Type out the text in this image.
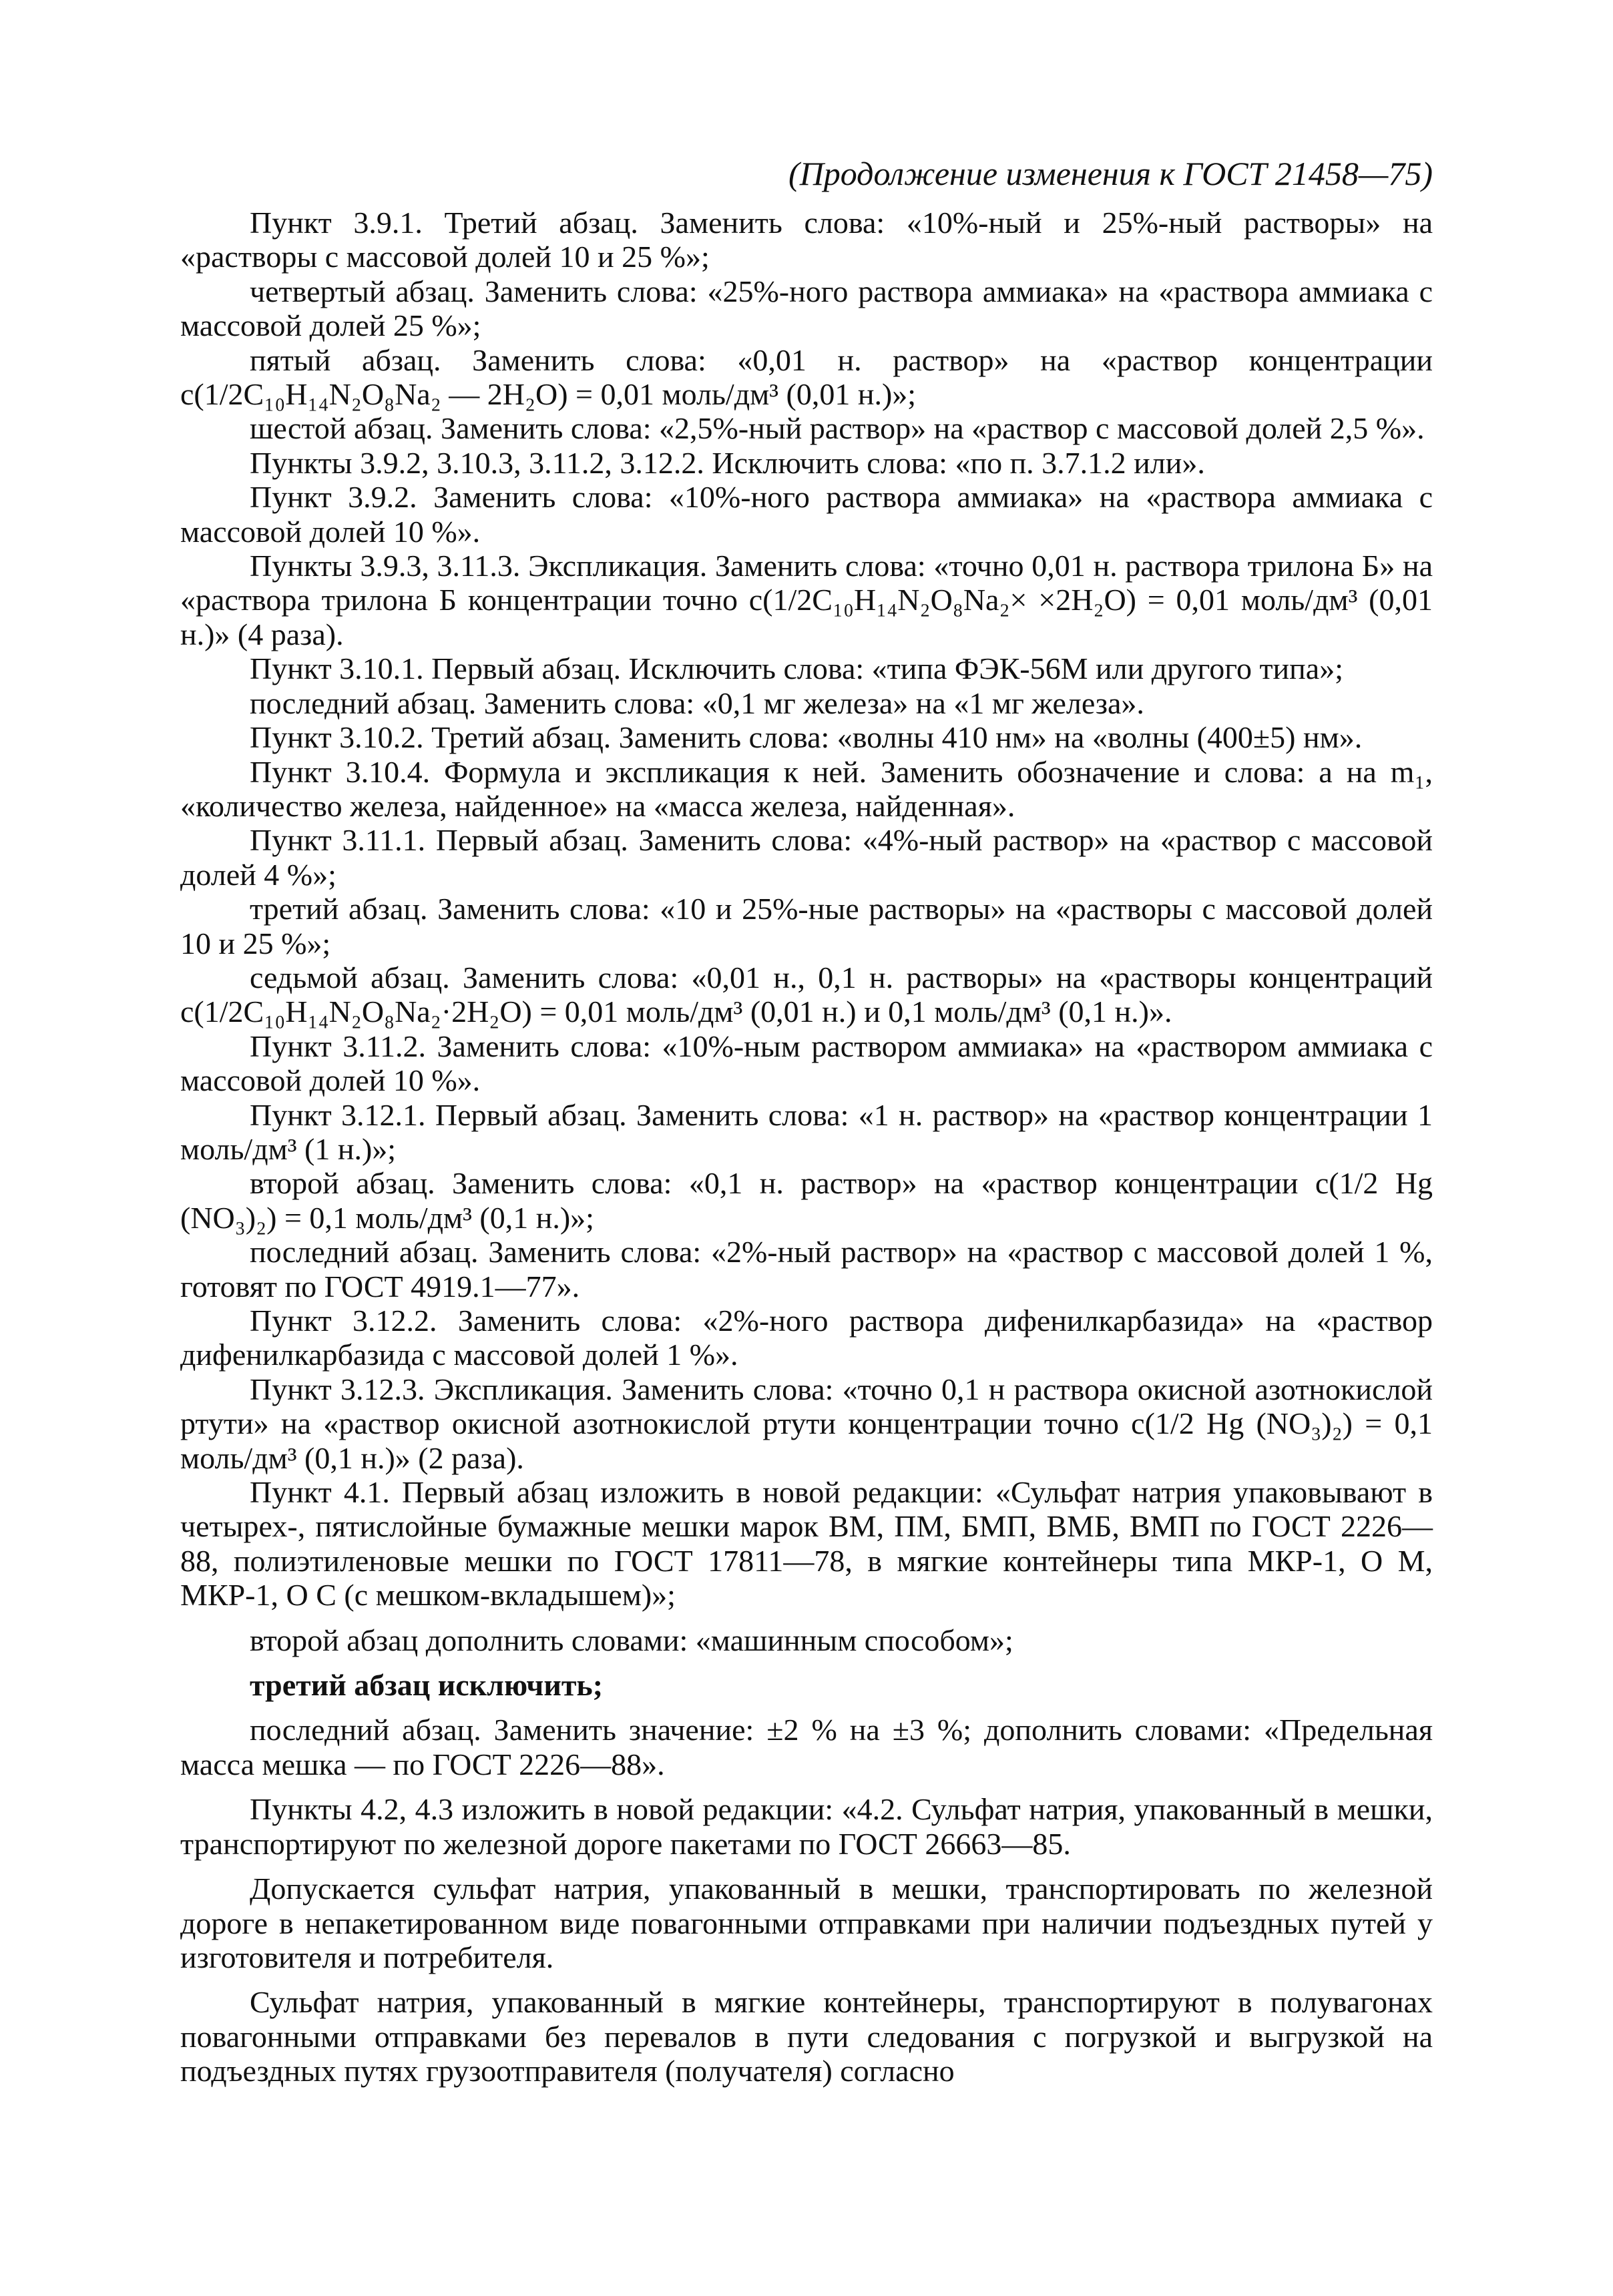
(Продолжение изменения к ГОСТ 21458—75)

Пункт 3.9.1. Третий абзац. Заменить слова: «10%-ный и 25%-ный растворы» на «растворы с массовой долей 10 и 25 %»;

четвертый абзац. Заменить слова: «25%-ного раствора аммиака» на «раствора аммиака с массовой долей 25 %»;

пятый абзац. Заменить слова: «0,01 н. раствор» на «раствор концентрации c(1/2C₁₀H₁₄N₂O₈Na₂ — 2H₂O) = 0,01 моль/дм³ (0,01 н.)»;

шестой абзац. Заменить слова: «2,5%-ный раствор» на «раствор с массовой долей 2,5 %».

Пункты 3.9.2, 3.10.3, 3.11.2, 3.12.2. Исключить слова: «по п. 3.7.1.2 или».

Пункт 3.9.2. Заменить слова: «10%-ного раствора аммиака» на «раствора аммиака с массовой долей 10 %».

Пункты 3.9.3, 3.11.3. Экспликация. Заменить слова: «точно 0,01 н. раствора трилона Б» на «раствора трилона Б концентрации точно c(1/2C₁₀H₁₄N₂O₈Na₂× ×2H₂O) = 0,01 моль/дм³ (0,01 н.)» (4 раза).

Пункт 3.10.1. Первый абзац. Исключить слова: «типа ФЭК-56М или другого типа»;

последний абзац. Заменить слова: «0,1 мг железа» на «1 мг железа».

Пункт 3.10.2. Третий абзац. Заменить слова: «волны 410 нм» на «волны (400±5) нм».

Пункт 3.10.4. Формула и экспликация к ней. Заменить обозначение и слова: a на m₁, «количество железа, найденное» на «масса железа, найденная».

Пункт 3.11.1. Первый абзац. Заменить слова: «4%-ный раствор» на «раствор с массовой долей 4 %»;

третий абзац. Заменить слова: «10 и 25%-ные растворы» на «растворы с массовой долей 10 и 25 %»;

седьмой абзац. Заменить слова: «0,01 н., 0,1 н. растворы» на «растворы концентраций c(1/2C₁₀H₁₄N₂O₈Na₂·2H₂O) = 0,01 моль/дм³ (0,01 н.) и 0,1 моль/дм³ (0,1 н.)».

Пункт 3.11.2. Заменить слова: «10%-ным раствором аммиака» на «раствором аммиака с массовой долей 10 %».

Пункт 3.12.1. Первый абзац. Заменить слова: «1 н. раствор» на «раствор концентрации 1 моль/дм³ (1 н.)»;

второй абзац. Заменить слова: «0,1 н. раствор» на «раствор концентрации c(1/2 Hg (NO₃)₂) = 0,1 моль/дм³ (0,1 н.)»;

последний абзац. Заменить слова: «2%-ный раствор» на «раствор с массовой долей 1 %, готовят по ГОСТ 4919.1—77».

Пункт 3.12.2. Заменить слова: «2%-ного раствора дифенилкарбазида» на «раствор дифенилкарбазида с массовой долей 1 %».

Пункт 3.12.3. Экспликация. Заменить слова: «точно 0,1 н раствора окисной азотнокислой ртути» на «раствор окисной азотнокислой ртути концентрации точно c(1/2 Hg (NO₃)₂) = 0,1 моль/дм³ (0,1 н.)» (2 раза).

Пункт 4.1. Первый абзац изложить в новой редакции: «Сульфат натрия упаковывают в четырех-, пятислойные бумажные мешки марок ВМ, ПМ, БМП, ВМБ, ВМП по ГОСТ 2226—88, полиэтиленовые мешки по ГОСТ 17811—78, в мягкие контейнеры типа МКР-1, О М, МКР-1, О С (с мешком-вкладышем)»;

второй абзац дополнить словами: «машинным способом»;

третий абзац исключить;

последний абзац. Заменить значение: ±2 % на ±3 %; дополнить словами: «Предельная масса мешка — по ГОСТ 2226—88».

Пункты 4.2, 4.3 изложить в новой редакции: «4.2. Сульфат натрия, упакованный в мешки, транспортируют по железной дороге пакетами по ГОСТ 26663—85.

Допускается сульфат натрия, упакованный в мешки, транспортировать по железной дороге в непакетированном виде повагонными отправками при наличии подъездных путей у изготовителя и потребителя.

Сульфат натрия, упакованный в мягкие контейнеры, транспортируют в полувагонах повагонными отправками без перевалов в пути следования с погрузкой и выгрузкой на подъездных путях грузоотправителя (получателя) согласно
